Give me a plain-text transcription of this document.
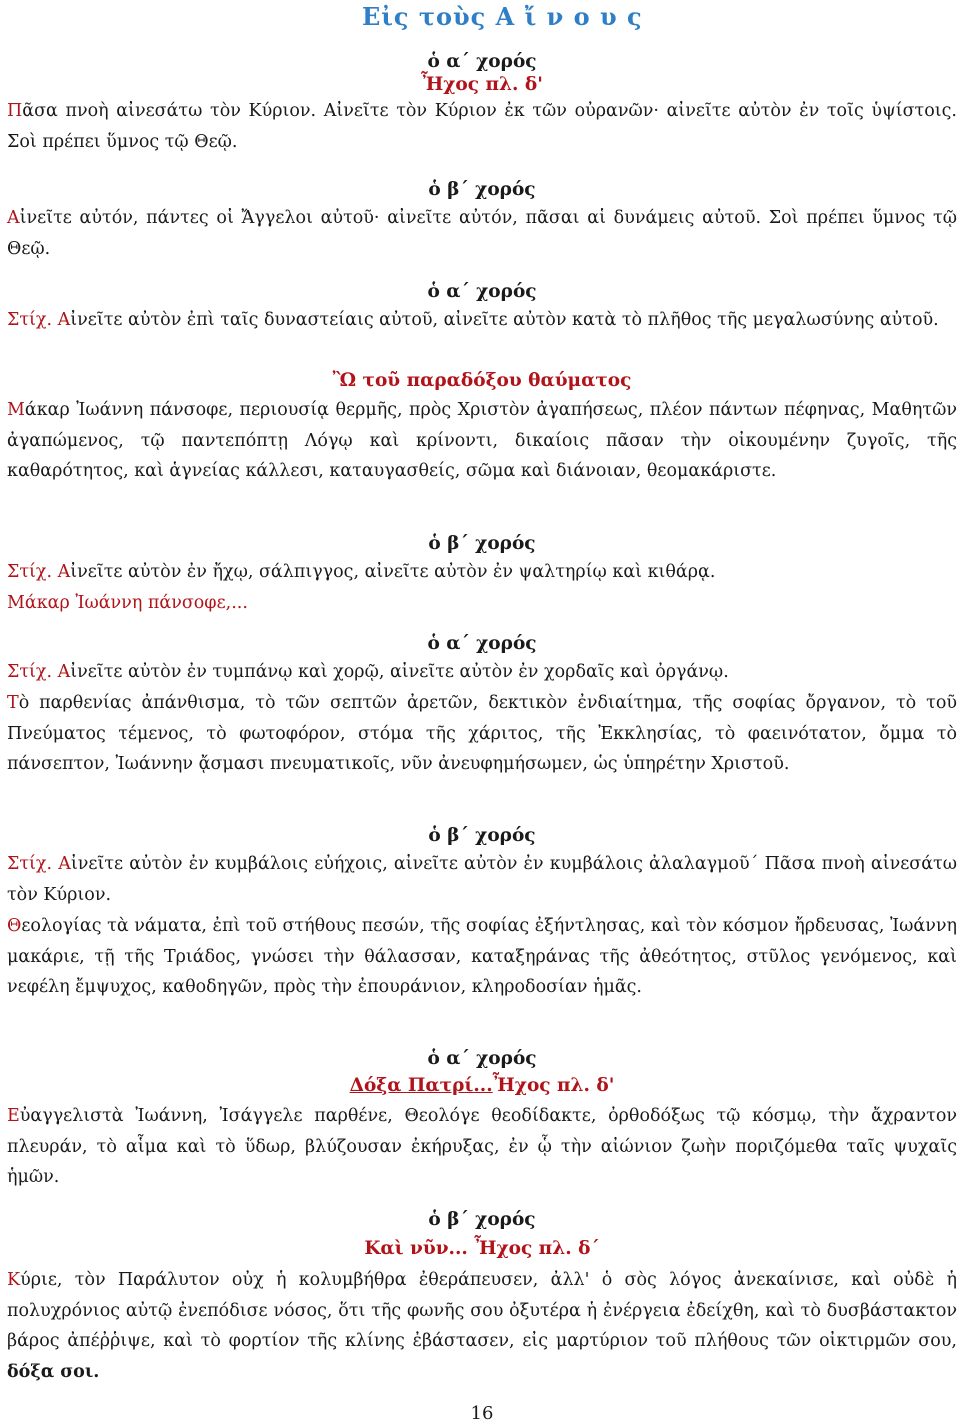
Εἰς τοὺς Α ἴ ν ο υ ς
ὁ α΄ χορός
Ἦχος πλ. δ'

Πᾶσα πνοὴ αἰνεσάτω τὸν Κύριον. Αἰνεῖτε τὸν Κύριον ἐκ τῶν οὐρανῶν· αἰνεῖτε αὐτὸν ἐν τοῖς ὑψίστοις. Σοὶ πρέπει ὕμνος τῷ Θεῷ.

ὁ β΄ χορός

Αἰνεῖτε αὐτόν, πάντες οἱ Ἄγγελοι αὐτοῦ· αἰνεῖτε αὐτόν, πᾶσαι αἱ δυνάμεις αὐτοῦ. Σοὶ πρέπει ὕμνος τῷ Θεῷ.

ὁ α΄ χορός

Στίχ. Αἰνεῖτε αὐτὸν ἐπὶ ταῖς δυναστείαις αὐτοῦ, αἰνεῖτε αὐτὸν κατὰ τὸ πλῆθος τῆς μεγαλωσύνης αὐτοῦ.

Ὢ τοῦ παραδόξου θαύματος

Μάκαρ Ἰωάννη πάνσοφε, περιουσίᾳ θερμῆς, πρὸς Χριστὸν ἀγαπήσεως, πλέον πάντων πέφηνας, Μαθητῶν ἀγαπώμενος, τῷ παντεπόπτῃ Λόγῳ καὶ κρίνοντι, δικαίοις πᾶσαν τὴν οἰκουμένην ζυγοῖς, τῆς καθαρότητος, καὶ ἁγνείας κάλλεσι, καταυγασθείς, σῶμα καὶ διάνοιαν, θεομακάριστε.

ὁ β΄ χορός

Στίχ. Αἰνεῖτε αὐτὸν ἐν ἤχῳ, σάλπιγγος, αἰνεῖτε αὐτὸν ἐν ψαλτηρίῳ καὶ κιθάρᾳ.

Μάκαρ Ἰωάννη πάνσοφε,...

ὁ α΄ χορός

Στίχ. Αἰνεῖτε αὐτὸν ἐν τυμπάνῳ καὶ χορῷ, αἰνεῖτε αὐτὸν ἐν χορδαῖς καὶ ὀργάνῳ.

Τὸ παρθενίας ἀπάνθισμα, τὸ τῶν σεπτῶν ἀρετῶν, δεκτικὸν ἐνδιαίτημα, τῆς σοφίας ὄργανον, τὸ τοῦ Πνεύματος τέμενος, τὸ φωτοφόρον, στόμα τῆς χάριτος, τῆς Ἐκκλησίας, τὸ φαεινότατον, ὄμμα τὸ πάνσεπτον, Ἰωάννην ᾄσμασι πνευματικοῖς, νῦν ἀνευφημήσωμεν, ὡς ὑπηρέτην Χριστοῦ.

ὁ β΄ χορός

Στίχ. Αἰνεῖτε αὐτὸν ἐν κυμβάλοις εὐήχοις, αἰνεῖτε αὐτὸν ἐν κυμβάλοις ἀλαλαγμοῦ΄ Πᾶσα πνοὴ αἰνεσάτω τὸν Κύριον.

Θεολογίας τὰ νάματα, ἐπὶ τοῦ στήθους πεσών, τῆς σοφίας ἐξήντλησας, καὶ τὸν κόσμον ἤρδευσας, Ἰωάννη μακάριε, τῇ τῆς Τριάδος, γνώσει τὴν θάλασσαν, καταξηράνας τῆς ἀθεότητος, στῦλος γενόμενος, καὶ νεφέλη ἔμψυχος, καθοδηγῶν, πρὸς τὴν ἐπουράνιον, κληροδοσίαν ἡμᾶς.

ὁ α΄ χορός
Δόξα Πατρί...Ἦχος πλ. δ'

Εὐαγγελιστὰ Ἰωάννη, Ἰσάγγελε παρθένε, Θεολόγε θεοδίδακτε, ὀρθοδόξως τῷ κόσμῳ, τὴν ἄχραντον πλευράν, τὸ αἷμα καὶ τὸ ὕδωρ, βλύζουσαν ἐκήρυξας, ἐν ᾧ τὴν αἰώνιον ζωὴν ποριζόμεθα ταῖς ψυχαῖς ἡμῶν.

ὁ β΄ χορός
Καὶ νῦν... Ἦχος πλ. δ΄

Κύριε, τὸν Παράλυτον οὐχ ἡ κολυμβήθρα ἐθεράπευσεν, ἀλλ' ὁ σὸς λόγος ἀνεκαίνισε, καὶ οὐδὲ ἡ πολυχρόνιος αὐτῷ ἐνεπόδισε νόσος, ὅτι τῆς φωνῆς σου ὀξυτέρα ἡ ἐνέργεια ἐδείχθη, καὶ τὸ δυσβάστακτον βάρος ἀπέῤῥιψε, καὶ τὸ φορτίον τῆς κλίνης ἐβάστασεν, εἰς μαρτύριον τοῦ πλήθους τῶν οἰκτιρμῶν σου, δόξα σοι.

16
